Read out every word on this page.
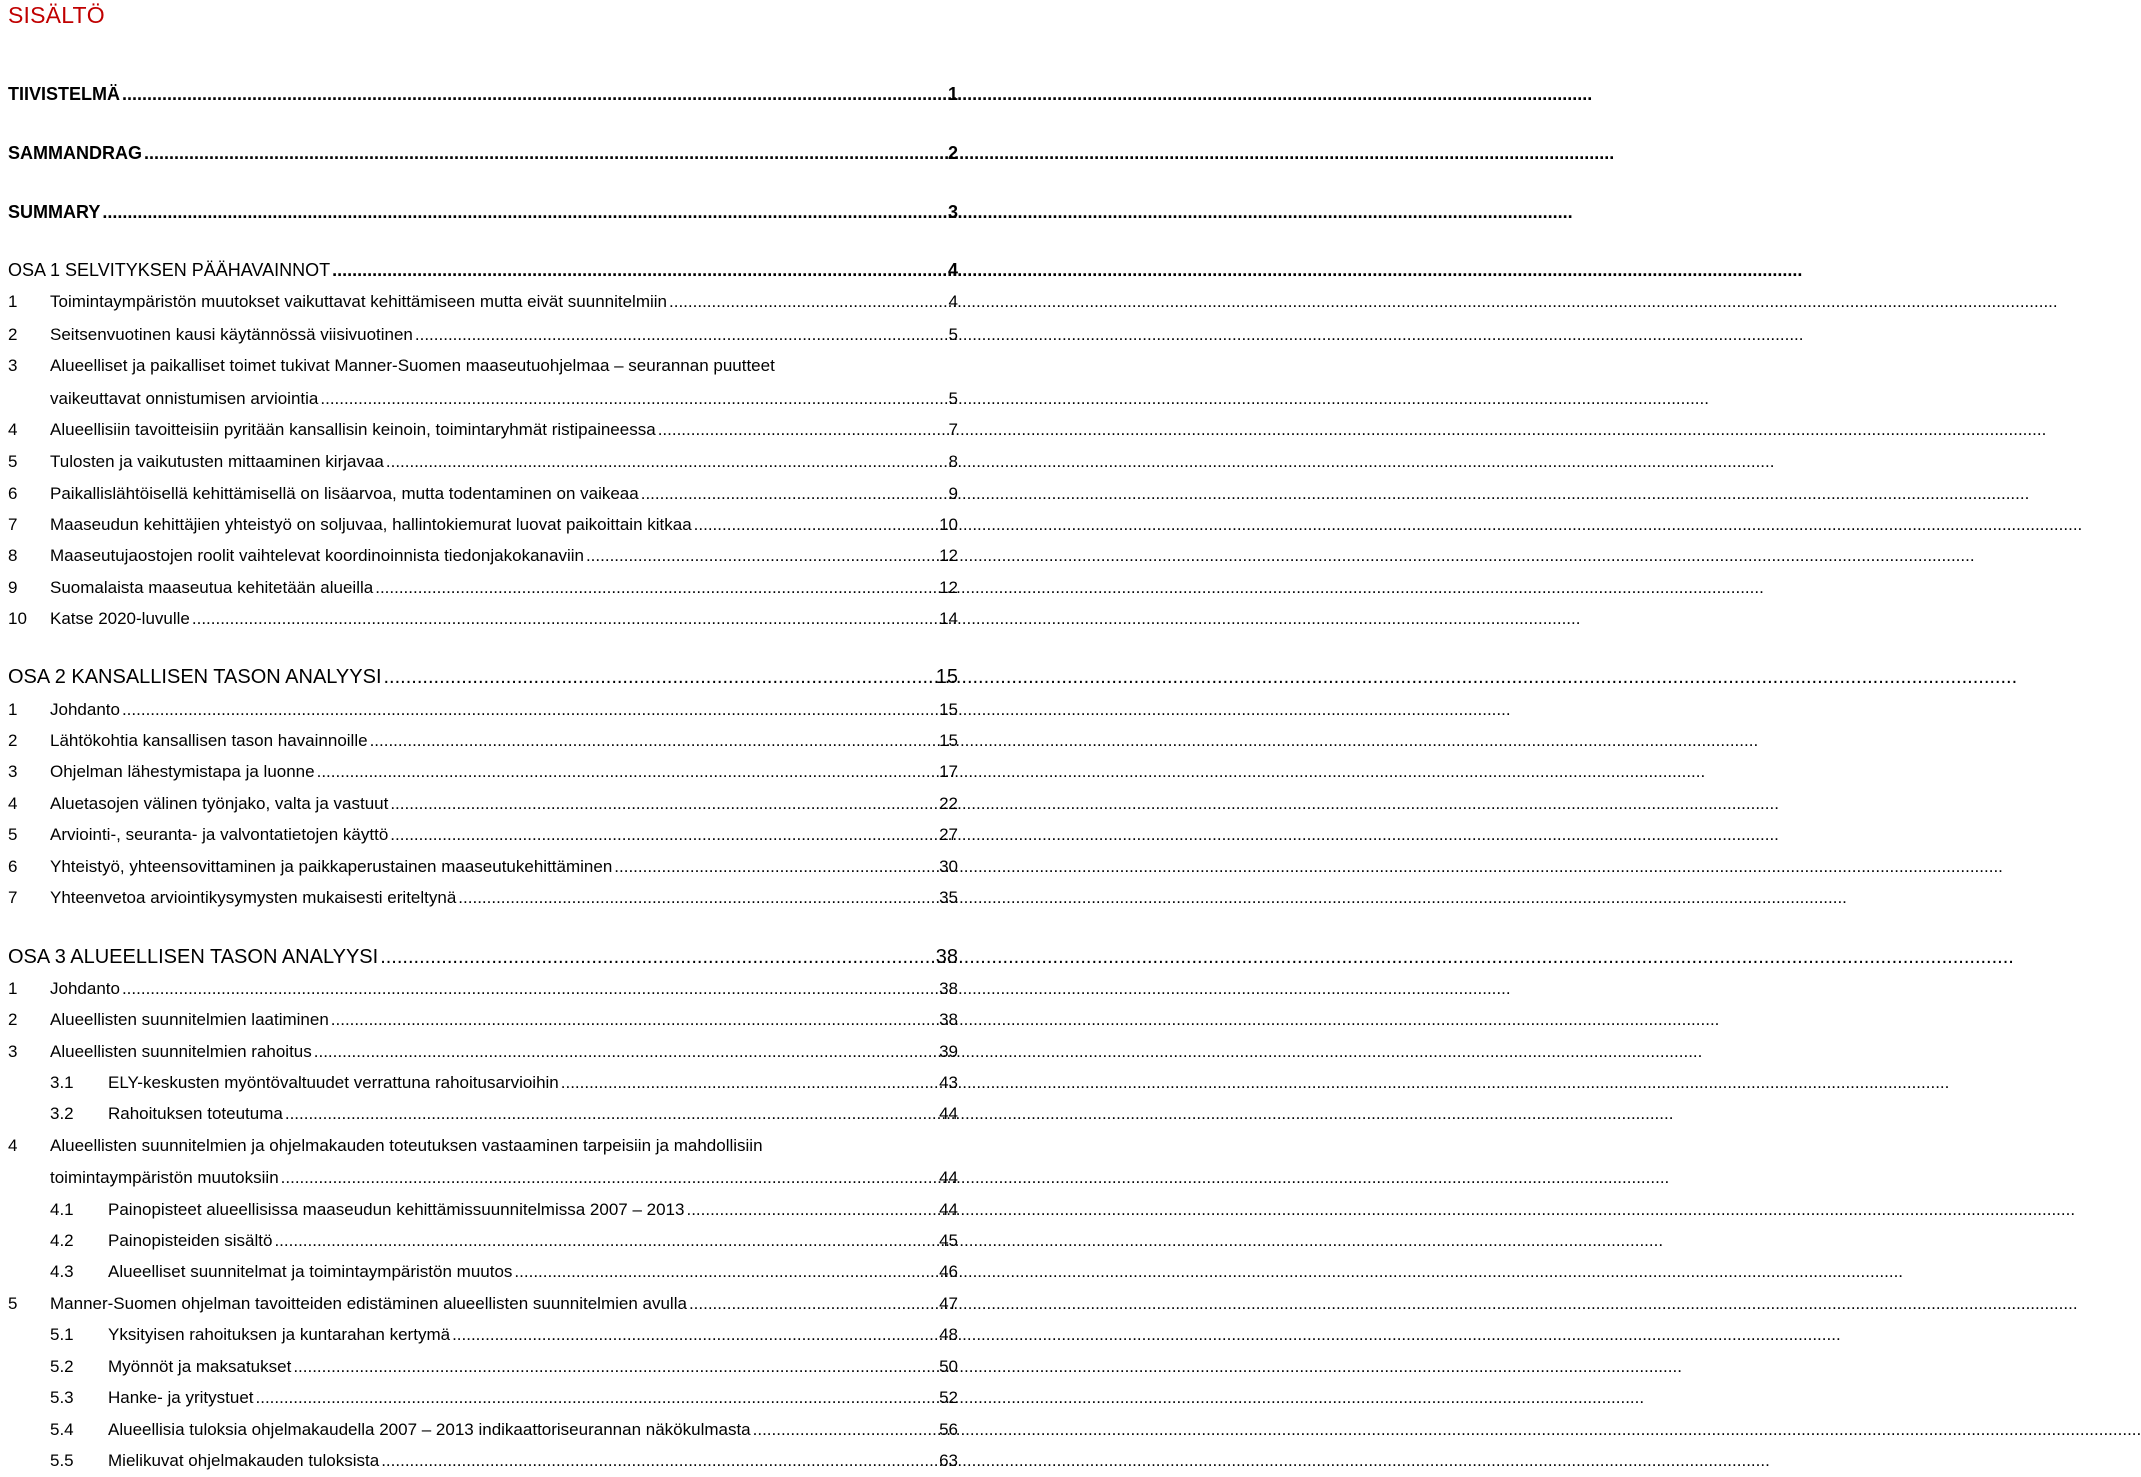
SISÄLTÖ
TIIVISTELMÄ .....	1
SAMMANDRAG .....	2
SUMMARY .....	3
OSA 1 SELVITYKSEN PÄÄHAVAINNOT .....	4
1	Toimintaympäristön muutokset vaikuttavat kehittämiseen mutta eivät suunnitelmiin .....	4
2	Seitsenvuotinen kausi käytännössä viisivuotinen .....	5
3	Alueelliset ja paikalliset toimet tukivat Manner-Suomen maaseutuohjelmaa – seurannan puutteet
vaikeuttavat onnistumisen arviointia .....	5
4	Alueellisiin tavoitteisiin pyritään kansallisin keinoin, toimintaryhmät ristipaineessa .....	7
5	Tulosten ja vaikutusten mittaaminen kirjavaa .....	8
6	Paikallislähtöisellä kehittämisellä on lisäarvoa, mutta todentaminen on vaikeaa .....	9
7	Maaseudun kehittäjien yhteistyö on soljuvaa, hallintokiemurat luovat paikoittain kitkaa .....	10
8	Maaseutujaostojen roolit vaihtelevat koordinoinnista tiedonjakokanaviin .....	12
9	Suomalaista maaseutua kehitetään alueilla .....	12
10	Katse 2020-luvulle .....	14
OSA 2 KANSALLISEN TASON ANALYYSI .....	15
1	Johdanto .....	15
2	Lähtökohtia kansallisen tason havainnoille .....	15
3	Ohjelman lähestymistapa ja luonne .....	17
4	Aluetasojen välinen työnjako, valta ja vastuut .....	22
5	Arviointi-, seuranta- ja valvontatietojen käyttö .....	27
6	Yhteistyö, yhteensovittaminen ja paikkaperustainen maaseutukehittäminen .....	30
7	Yhteenvetoa arviointikysymysten mukaisesti eriteltynä .....	35
OSA 3 ALUEELLISEN TASON ANALYYSI .....	38
1	Johdanto .....	38
2	Alueellisten suunnitelmien laatiminen .....	38
3	Alueellisten suunnitelmien rahoitus .....	39
3.1	ELY-keskusten myöntövaltuudet verrattuna rahoitusarvioihin .....	43
3.2	Rahoituksen toteutuma .....	44
4	Alueellisten suunnitelmien ja ohjelmakauden toteutuksen vastaaminen tarpeisiin ja mahdollisiin
toimintaympäristön muutoksiin .....	44
4.1	Painopisteet alueellisissa maaseudun kehittämissuunnitelmissa 2007 – 2013 .....	44
4.2	Painopisteiden sisältö .....	45
4.3	Alueelliset suunnitelmat ja toimintaympäristön muutos .....	46
5	Manner-Suomen ohjelman tavoitteiden edistäminen alueellisten suunnitelmien avulla .....	47
5.1	Yksityisen rahoituksen ja kuntarahan kertymä .....	48
5.2	Myönnöt ja maksatukset .....	50
5.3	Hanke- ja yritystuet .....	52
5.4	Alueellisia tuloksia ohjelmakaudella 2007 – 2013 indikaattoriseurannan näkökulmasta .....	56
5.5	Mielikuvat ohjelmakauden tuloksista .....	63
